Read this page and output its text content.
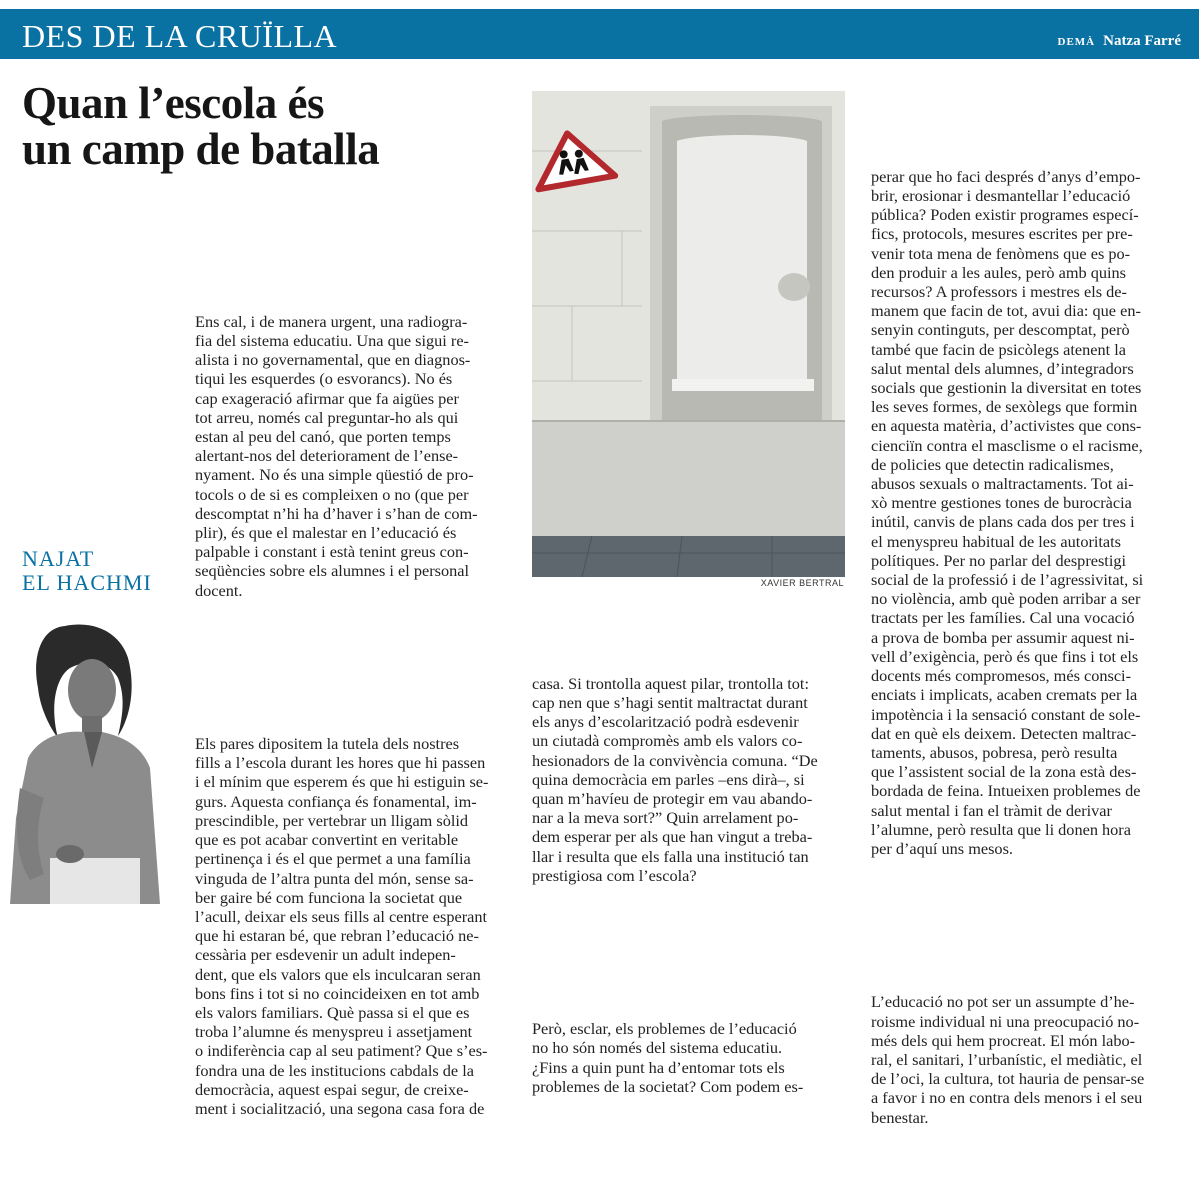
DES DE LA CRUÏLLA	DEMÀ Natza Farré
Quan l’escola és
un camp de batalla
NAJAT
EL HACHMI

Ens cal, i de manera urgent, una radiogra-
fia del sistema educatiu. Una que sigui re-
alista i no governamental, que en diagnos-
tiqui les esquerdes (o esvorancs). No és
cap exageració afirmar que fa aigües per
tot arreu, només cal preguntar-ho als qui
estan al peu del canó, que porten temps
alertant-nos del deteriorament de l’ense-
nyament. No és una simple qüestió de pro-
tocols o de si es compleixen o no (que per
descomptat n’hi ha d’haver i s’han de com-
plir), és que el malestar en l’educació és
palpable i constant i està tenint greus con-
seqüències sobre els alumnes i el personal
docent.

Els pares dipositem la tutela dels nostres
fills a l’escola durant les hores que hi passen
i el mínim que esperem és que hi estiguin se-
gurs. Aquesta confiança és fonamental, im-
prescindible, per vertebrar un lligam sòlid
que es pot acabar convertint en veritable
pertinença i és el que permet a una família
vinguda de l’altra punta del món, sense sa-
ber gaire bé com funciona la societat que
l’acull, deixar els seus fills al centre esperant
que hi estaran bé, que rebran l’educació ne-
cessària per esdevenir un adult indepen-
dent, que els valors que els inculcaran seran
bons fins i tot si no coincideixen en tot amb
els valors familiars. Què passa si el que es
troba l’alumne és menyspreu i assetjament
o indiferència cap al seu patiment? Que s’es-
fondra una de les institucions cabdals de la
democràcia, aquest espai segur, de creixe-
ment i socialització, una segona casa fora de

XAVIER BERTRAL

casa. Si trontolla aquest pilar, trontolla tot:
cap nen que s’hagi sentit maltractat durant
els anys d’escolarització podrà esdevenir
un ciutadà compromès amb els valors co-
hesionadors de la convivència comuna. “De
quina democràcia em parles –ens dirà–, si
quan m’havíeu de protegir em vau abando-
nar a la meva sort?” Quin arrelament po-
dem esperar per als que han vingut a treba-
llar i resulta que els falla una institució tan
prestigiosa com l’escola?

Però, esclar, els problemes de l’educació
no ho són només del sistema educatiu.
¿Fins a quin punt ha d’entomar tots els
problemes de la societat? Com podem es-

perar que ho faci després d’anys d’empo-
brir, erosionar i desmantellar l’educació
pública? Poden existir programes especí-
fics, protocols, mesures escrites per pre-
venir tota mena de fenòmens que es po-
den produir a les aules, però amb quins
recursos? A professors i mestres els de-
manem que facin de tot, avui dia: que en-
senyin continguts, per descomptat, però
també que facin de psicòlegs atenent la
salut mental dels alumnes, d’integradors
socials que gestionin la diversitat en totes
les seves formes, de sexòlegs que formin
en aquesta matèria, d’activistes que cons-
cienciïn contra el masclisme o el racisme,
de policies que detectin radicalismes,
abusos sexuals o maltractaments. Tot ai-
xò mentre gestiones tones de burocràcia
inútil, canvis de plans cada dos per tres i
el menyspreu habitual de les autoritats
polítiques. Per no parlar del desprestigi
social de la professió i de l’agressivitat, si
no violència, amb què poden arribar a ser
tractats per les famílies. Cal una vocació
a prova de bomba per assumir aquest ni-
vell d’exigència, però és que fins i tot els
docents més compromesos, més consci-
enciats i implicats, acaben cremats per la
impotència i la sensació constant de sole-
dat en què els deixem. Detecten maltrac-
taments, abusos, pobresa, però resulta
que l’assistent social de la zona està des-
bordada de feina. Intueixen problemes de
salut mental i fan el tràmit de derivar
l’alumne, però resulta que li donen hora
per d’aquí uns mesos.

L’educació no pot ser un assumpte d’he-
roisme individual ni una preocupació no-
més dels qui hem procreat. El món labo-
ral, el sanitari, l’urbanístic, el mediàtic, el
de l’oci, la cultura, tot hauria de pensar-se
a favor i no en contra dels menors i el seu
benestar.
